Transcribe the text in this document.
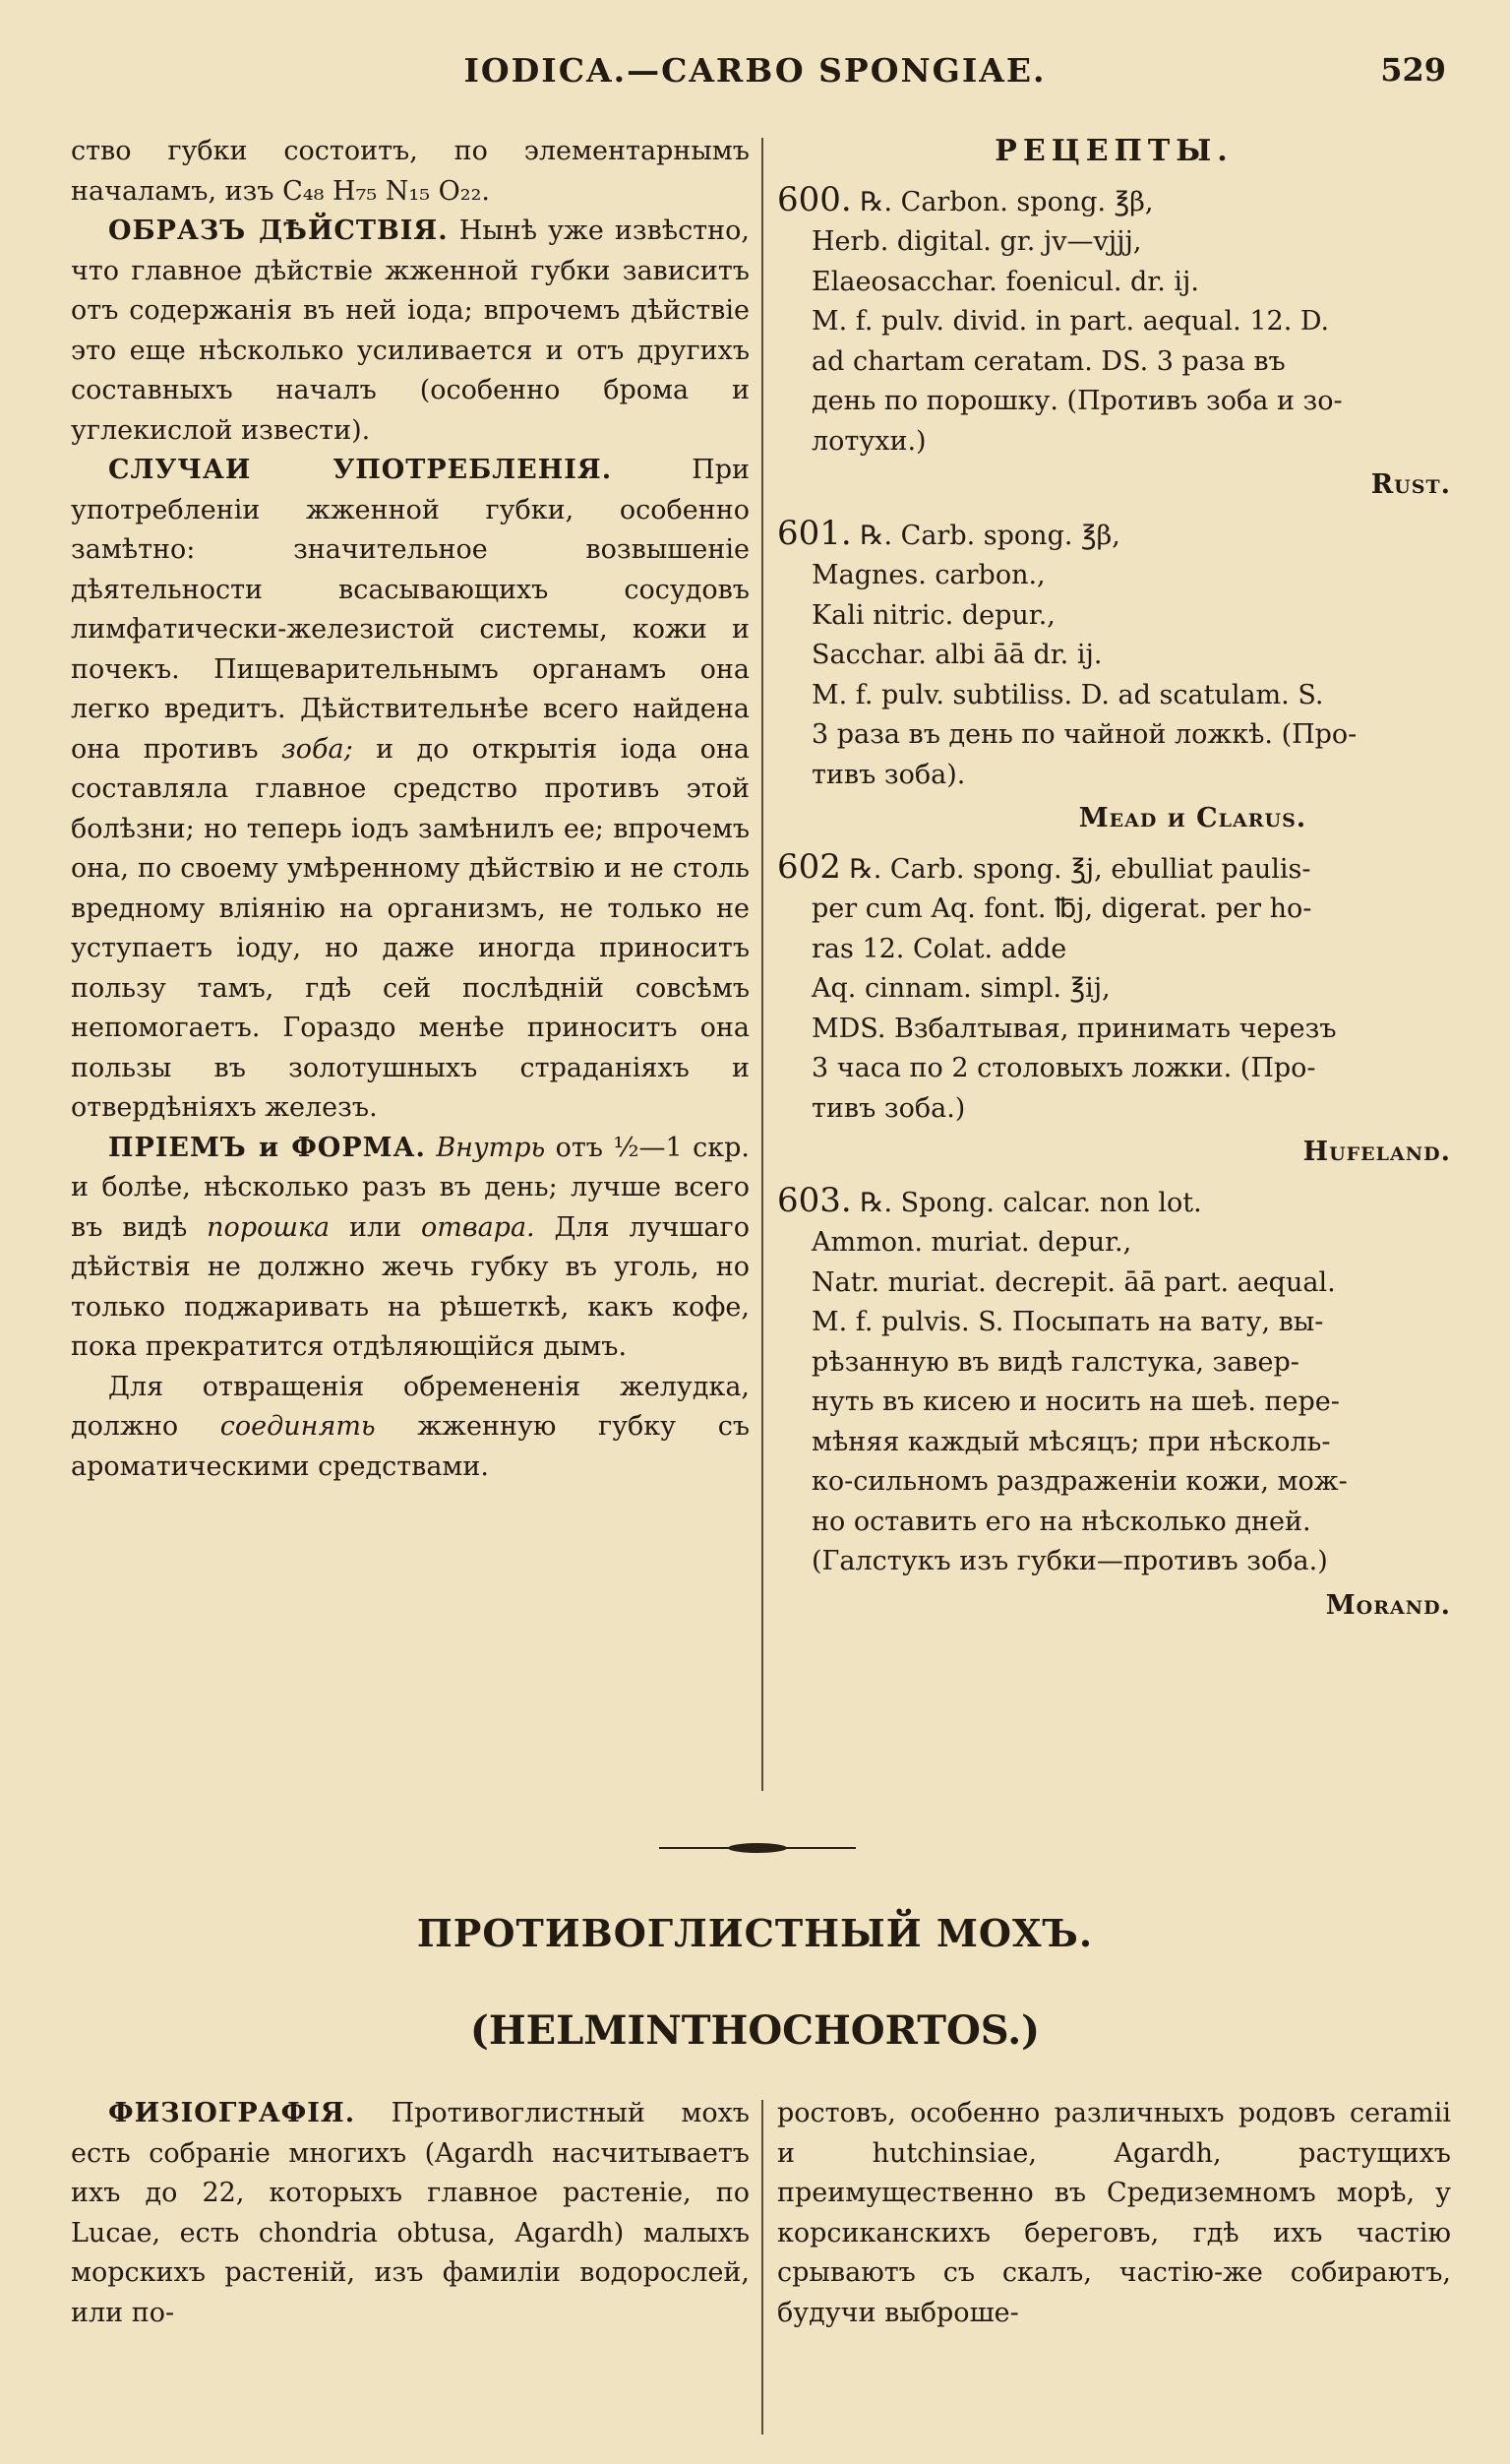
IODICA.—CARBO SPONGIAE.	529

ство губки состоитъ, по элементарнымъ началамъ, изъ C₄₈ H₇₅ N₁₅ O₂₂.

ОБРАЗЪ ДѢЙСТВІЯ. Нынѣ уже извѣстно, что главное дѣйствіе жженной губки зависитъ отъ содержанія въ ней іода; впрочемъ дѣйствіе это еще нѣсколько усиливается и отъ другихъ составныхъ началъ (особенно брома и углекислой извести).

СЛУЧАИ УПОТРЕБЛЕНІЯ.	При употребленіи жженной губки, особенно замѣтно: значительное возвышеніе дѣятельности всасывающихъ сосудовъ лимфатически-железистой системы, кожи и почекъ. Пищеварительнымъ органамъ она легко вредитъ. Дѣйствительнѣе всего найдена она противъ зоба; и до открытія іода она составляла главное средство противъ этой болѣзни; но теперь іодъ замѣнилъ ее; впрочемъ она, по своему умѣренному дѣйствію и не столь вредному вліянію на организмъ, не только не уступаетъ іоду, но даже иногда приноситъ пользу тамъ, гдѣ сей послѣдній совсѣмъ непомогаетъ. Гораздо менѣе приноситъ она пользы въ золотушныхъ страданіяхъ и отвердѣніяхъ железъ.

ПРІЕМЪ и ФОРМА. Внутрь отъ ½—1 скр. и болѣе, нѣсколько разъ въ день; лучше всего въ видѣ порошка или отвара. Для лучшаго дѣйствія не должно жечь губку въ уголь, но только поджаривать на рѣшеткѣ, какъ кофе, пока прекратится отдѣляющійся дымъ.

Для отвращенія обремененія желудка, должно соединять жженную губку съ ароматическими средствами.

РЕЦЕПТЫ.
600. ℞. Carbon. spong. ℥β,
Herb. digital. gr. jv—vjjj,
Elaeosacchar. foenicul. dr. ij.
M. f. pulv. divid. in part. aequal. 12. D.
ad chartam ceratam. DS. 3 раза въ
день по порошку. (Противъ зоба и зо-
лотухи.)
Rust.
601. ℞. Carb. spong. ℥β,
Magnes. carbon.,
Kali nitric. depur.,
Sacchar. albi āā dr. ij.
M. f. pulv. subtiliss. D. ad scatulam. S.
3 раза въ день по чайной ложкѣ. (Про-
тивъ зоба).
Mead и Clarus.
602 ℞. Carb. spong. ℥j, ebulliat paulis-
per cum Aq. font. ℔j, digerat. per ho-
ras 12. Colat. adde
Aq. cinnam. simpl. ℥ij,
MDS. Взбалтывая, принимать черезъ
3 часа по 2 столовыхъ ложки. (Про-
тивъ зоба.)
Hufeland.
603. ℞. Spong. calcar. non lot.
Ammon. muriat. depur.,
Natr. muriat. decrepit. āā part. aequal.
M. f. pulvis. S. Посыпать на вату, вы-
рѣзанную въ видѣ галстука, завер-
нуть въ кисею и носить на шеѣ. пере-
мѣняя каждый мѣсяцъ; при нѣсколь-
ко-сильномъ раздраженіи кожи, мож-
но оставить его на нѣсколько дней.
(Галстукъ изъ губки—противъ зоба.)
Morand.
ПРОТИВОГЛИСТНЫЙ МОХЪ.
(HELMINTHOCHORTOS.)

ФИЗІОГРАФІЯ. Противоглистный мохъ есть собраніе многихъ (Agardh насчитываетъ ихъ до 22, которыхъ главное растеніе, по Lucae, есть chondria obtusa, Agardh) малыхъ морскихъ растеній, изъ фамиліи водорослей, или по-

ростовъ, особенно различныхъ родовъ ceramii и hutchinsiae, Agardh, растущихъ преимущественно въ Средиземномъ морѣ, у корсиканскихъ береговъ, гдѣ ихъ частію срываютъ съ скалъ, частію-же собираютъ, будучи выброше-
